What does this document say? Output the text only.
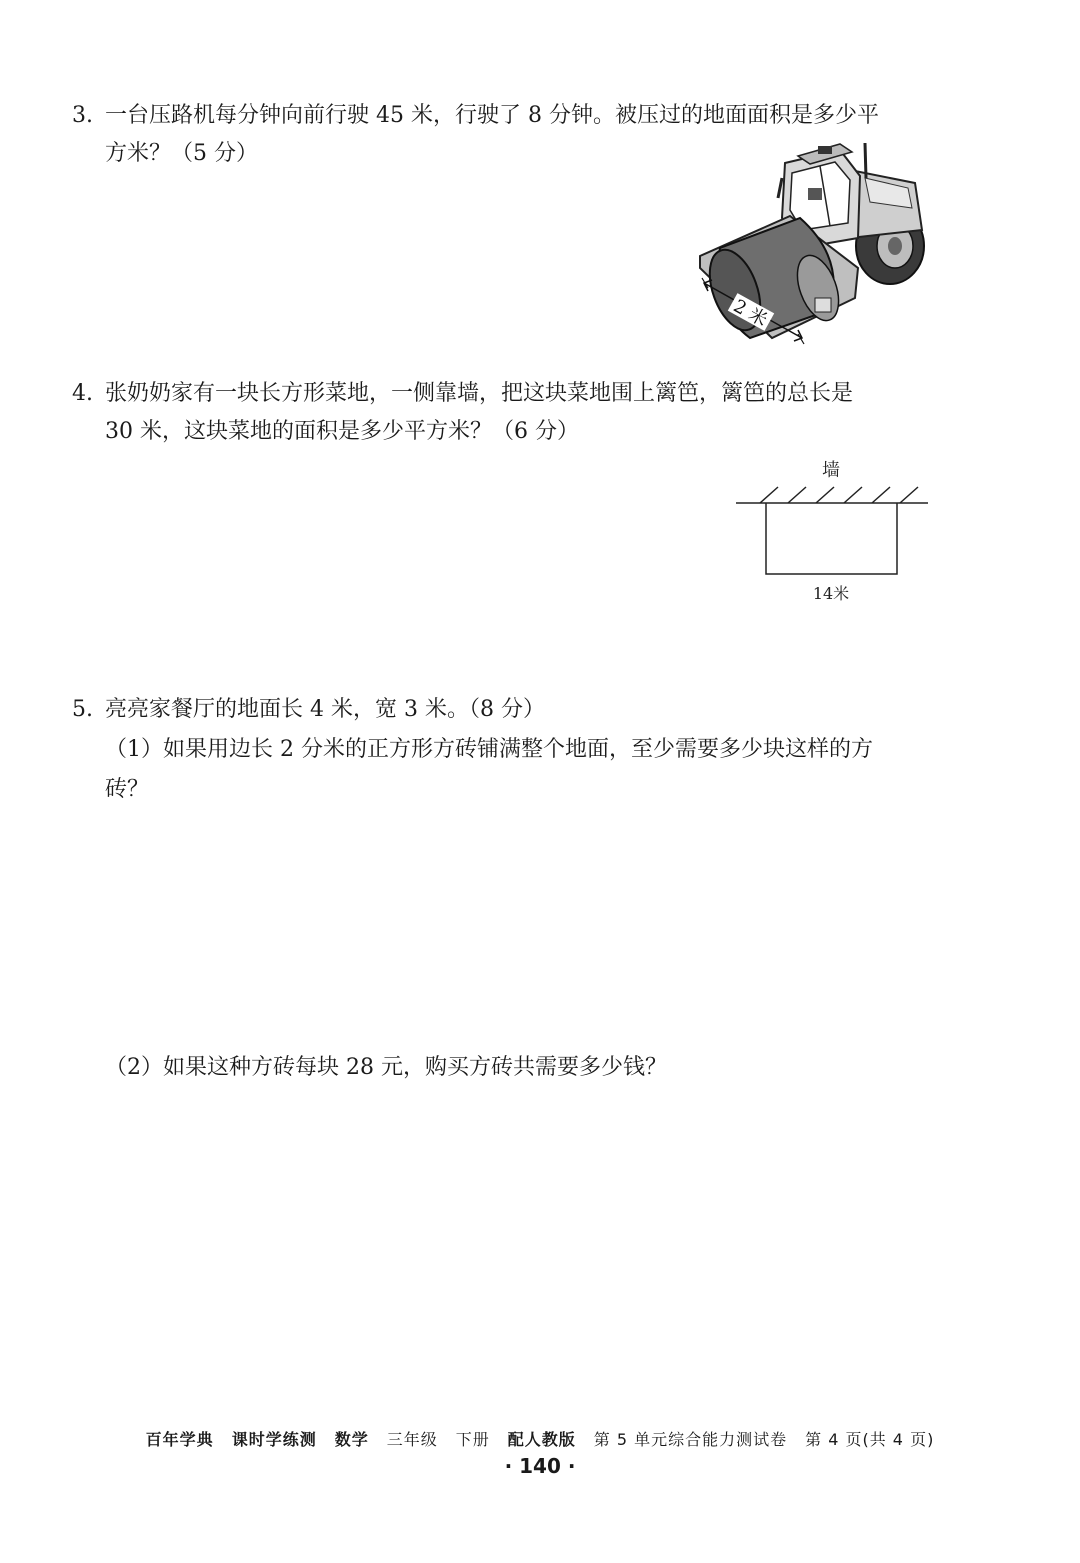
3. 一台压路机每分钟向前行驶 45 米，行驶了 8 分钟。被压过的地面面积是多少平
方米？（5 分）
2 米
4. 张奶奶家有一块长方形菜地，一侧靠墙，把这块菜地围上篱笆，篱笆的总长是
30 米，这块菜地的面积是多少平方米？（6 分）
墙
14米
5. 亮亮家餐厅的地面长 4 米，宽 3 米。（8 分）
（1）如果用边长 2 分米的正方形方砖铺满整个地面，至少需要多少块这样的方
砖？
（2）如果这种方砖每块 28 元，购买方砖共需要多少钱？
百年学典 课时学练测 数学 三年级 下册 配人教版 第 5 单元综合能力测试卷 第 4 页(共 4 页)
· 140 ·
